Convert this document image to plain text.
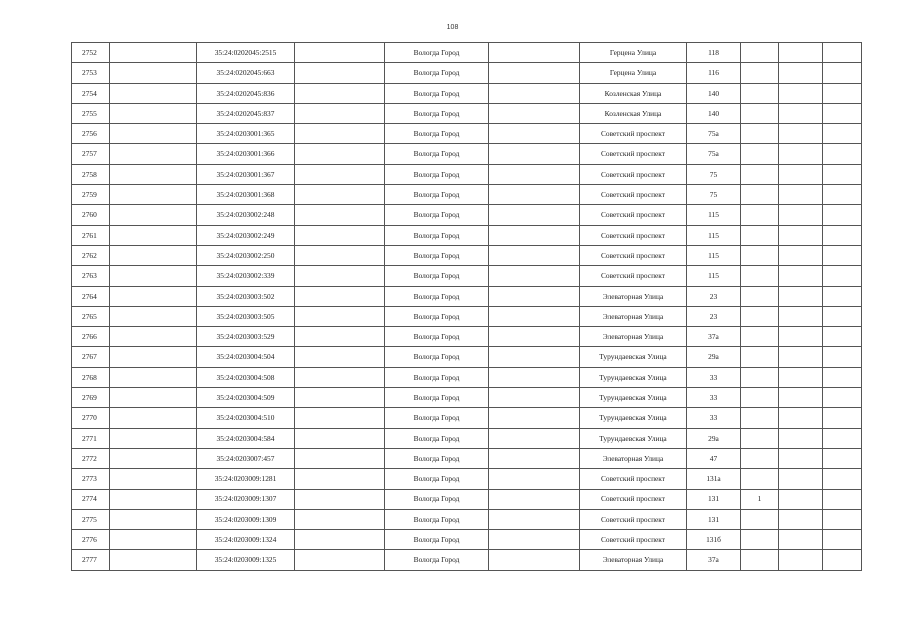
108
2752		35:24:0202045:2515		Вологда Город		Герцена Улица	118			
2753		35:24:0202045:663		Вологда Город		Герцена Улица	116			
2754		35:24:0202045:836		Вологда Город		Козленская Улица	140			
2755		35:24:0202045:837		Вологда Город		Козленская Улица	140			
2756		35:24:0203001:365		Вологда Город		Советский проспект	75а			
2757		35:24:0203001:366		Вологда Город		Советский проспект	75а			
2758		35:24:0203001:367		Вологда Город		Советский проспект	75			
2759		35:24:0203001:368		Вологда Город		Советский проспект	75			
2760		35:24:0203002:248		Вологда Город		Советский проспект	115			
2761		35:24:0203002:249		Вологда Город		Советский проспект	115			
2762		35:24:0203002:250		Вологда Город		Советский проспект	115			
2763		35:24:0203002:339		Вологда Город		Советский проспект	115			
2764		35:24:0203003:502		Вологда Город		Элеваторная Улица	23			
2765		35:24:0203003:505		Вологда Город		Элеваторная Улица	23			
2766		35:24:0203003:529		Вологда Город		Элеваторная Улица	37а			
2767		35:24:0203004:504		Вологда Город		Турундаевская Улица	29а			
2768		35:24:0203004:508		Вологда Город		Турундаевская Улица	33			
2769		35:24:0203004:509		Вологда Город		Турундаевская Улица	33			
2770		35:24:0203004:510		Вологда Город		Турундаевская Улица	33			
2771		35:24:0203004:584		Вологда Город		Турундаевская Улица	29а			
2772		35:24:0203007:457		Вологда Город		Элеваторная Улица	47			
2773		35:24:0203009:1281		Вологда Город		Советский проспект	131а			
2774		35:24:0203009:1307		Вологда Город		Советский проспект	131	1		
2775		35:24:0203009:1309		Вологда Город		Советский проспект	131			
2776		35:24:0203009:1324		Вологда Город		Советский проспект	131б			
2777		35:24:0203009:1325		Вологда Город		Элеваторная Улица	37а			
